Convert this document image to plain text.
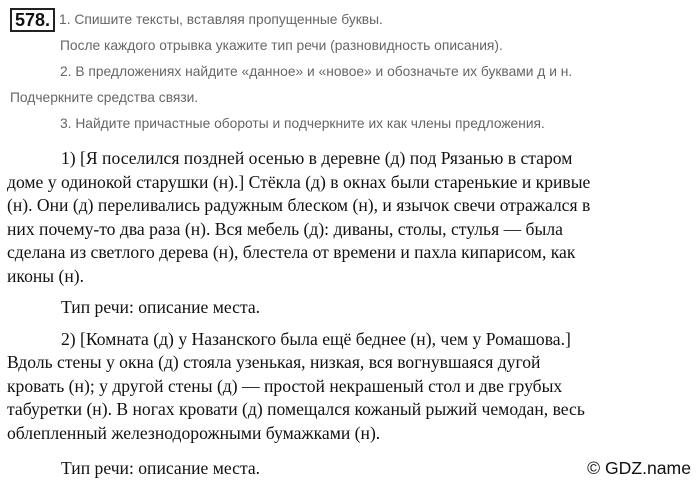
578. 1. Спишите тексты, вставляя пропущенные буквы.
После каждого отрывка укажите тип речи (разновидность описания).
2. В предложениях найдите «данное» и «новое» и обозначьте их буквами д и н.
Подчеркните средства связи.
3. Найдите причастные обороты и подчеркните их как члены предложения.

1) [Я поселился поздней осенью в деревне (д) под Рязанью в старом
доме у одинокой старушки (н).] Стёкла (д) в окнах были старенькие и кривые
(н). Они (д) переливались радужным блеском (н), и язычок свечи отражался в
них почему-то два раза (н). Вся мебель (д): диваны, столы, стулья — была
сделана из светлого дерева (н), блестела от времени и пахла кипарисом, как
иконы (н).

Тип речи: описание места.

2) [Комната (д) у Назанского была ещё беднее (н), чем у Ромашова.]
Вдоль стены у окна (д) стояла узенькая, низкая, вся вогнувшаяся дугой
кровать (н); у другой стены (д) — простой некрашеный стол и две грубых
табуретки (н). В ногах кровати (д) помещался кожаный рыжий чемодан, весь
облепленный железнодорожными бумажками (н).

Тип речи: описание места.	© GDZ.name
